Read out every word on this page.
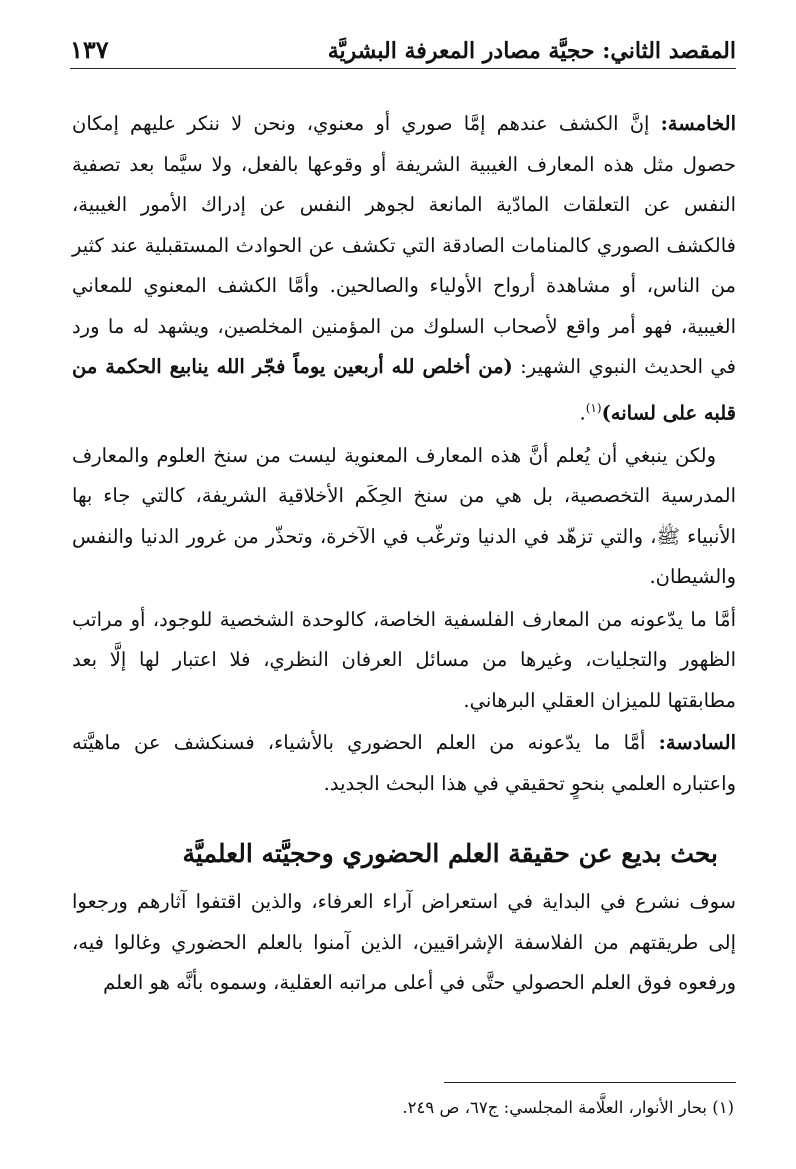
المقصد الثاني: حجيَّة مصادر المعرفة البشريَّة
١٣٧

الخامسة: إنَّ الكشف عندهم إمَّا صوري أو معنوي، ونحن لا ننكر عليهم إمكان حصول مثل هذه المعارف الغيبية الشريفة أو وقوعها بالفعل، ولا سيَّما بعد تصفية النفس عن التعلقات المادّية المانعة لجوهر النفس عن إدراك الأمور الغيبية، فالكشف الصوري كالمنامات الصادقة التي تكشف عن الحوادث المستقبلية عند كثير من الناس، أو مشاهدة أرواح الأولياء والصالحين. وأمَّا الكشف المعنوي للمعاني الغيبية، فهو أمر واقع لأصحاب السلوك من المؤمنين المخلصين، ويشهد له ما ورد في الحديث النبوي الشهير: (من أخلص لله أربعين يوماً فجّر الله ينابيع الحكمة من قلبه على لسانه)$^{(١)}$.

ولكن ينبغي أن يُعلم أنَّ هذه المعارف المعنوية ليست من سنخ العلوم والمعارف المدرسية التخصصية، بل هي من سنخ الحِكَم الأخلاقية الشريفة، كالتي جاء بها الأنبياء ﷺ، والتي تزهّد في الدنيا وترغّب في الآخرة، وتحذّر من غرور الدنيا والنفس والشيطان.

أمَّا ما يدّعونه من المعارف الفلسفية الخاصة، كالوحدة الشخصية للوجود، أو مراتب الظهور والتجليات، وغيرها من مسائل العرفان النظري، فلا اعتبار لها إلَّا بعد مطابقتها للميزان العقلي البرهاني.

السادسة: أمَّا ما يدّعونه من العلم الحضوري بالأشياء، فسنكشف عن ماهيَّته واعتباره العلمي بنحوٍ تحقيقي في هذا البحث الجديد.

بحث بديع عن حقيقة العلم الحضوري وحجيَّته العلميَّة

سوف نشرع في البداية في استعراض آراء العرفاء، والذين اقتفوا آثارهم ورجعوا إلى طريقتهم من الفلاسفة الإشراقيين، الذين آمنوا بالعلم الحضوري وغالوا فيه، ورفعوه فوق العلم الحصولي حتَّى في أعلى مراتبه العقلية، وسموه بأنَّه هو العلم

(١) بحار الأنوار، العلَّامة المجلسي: ج٦٧، ص ٢٤٩.
